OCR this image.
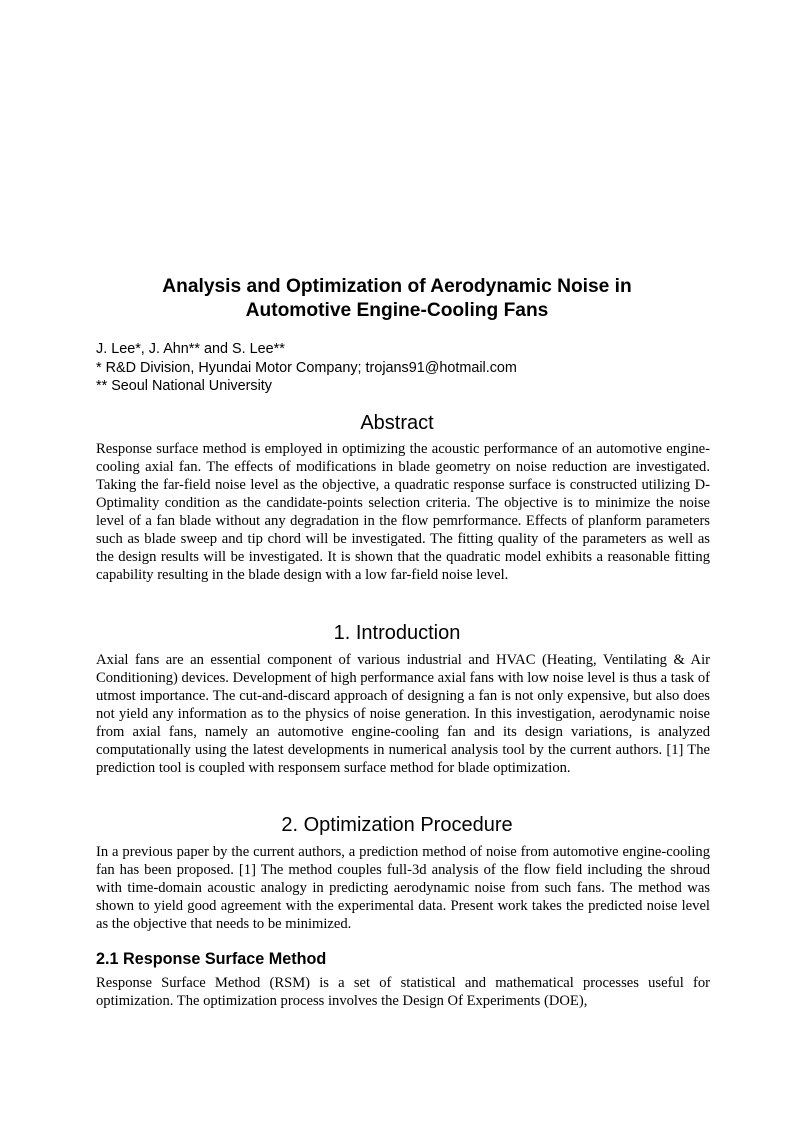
Analysis and Optimization of Aerodynamic Noise in
Automotive Engine-Cooling Fans
J. Lee*, J. Ahn** and S. Lee**
* R&D Division, Hyundai Motor Company; trojans91@hotmail.com
** Seoul National University
Abstract

Response surface method is employed in optimizing the acoustic performance of an automotive engine-cooling axial fan. The effects of modifications in blade geometry on noise reduction are investigated. Taking the far-field noise level as the objective, a quadratic response surface is constructed utilizing D-Optimality condition as the candidate-points selection criteria. The objective is to minimize the noise level of a fan blade without any degradation in the flow pemrformance. Effects of planform parameters such as blade sweep and tip chord will be investigated. The fitting quality of the parameters as well as the design results will be investigated. It is shown that the quadratic model exhibits a reasonable fitting capability resulting in the blade design with a low far-field noise level.

1. Introduction

Axial fans are an essential component of various industrial and HVAC (Heating, Ventilating & Air Conditioning) devices. Development of high performance axial fans with low noise level is thus a task of utmost importance. The cut-and-discard approach of designing a fan is not only expensive, but also does not yield any information as to the physics of noise generation. In this investigation, aerodynamic noise from axial fans, namely an automotive engine-cooling fan and its design variations, is analyzed computationally using the latest developments in numerical analysis tool by the current authors. [1] The prediction tool is coupled with responsem surface method for blade optimization.

2. Optimization Procedure

In a previous paper by the current authors, a prediction method of noise from automotive engine-cooling fan has been proposed. [1] The method couples full-3d analysis of the flow field including the shroud with time-domain acoustic analogy in predicting aerodynamic noise from such fans. The method was shown to yield good agreement with the experimental data. Present work takes the predicted noise level as the objective that needs to be minimized.

2.1 Response Surface Method

Response Surface Method (RSM) is a set of statistical and mathematical processes useful for optimization. The optimization process involves the Design Of Experiments (DOE),
